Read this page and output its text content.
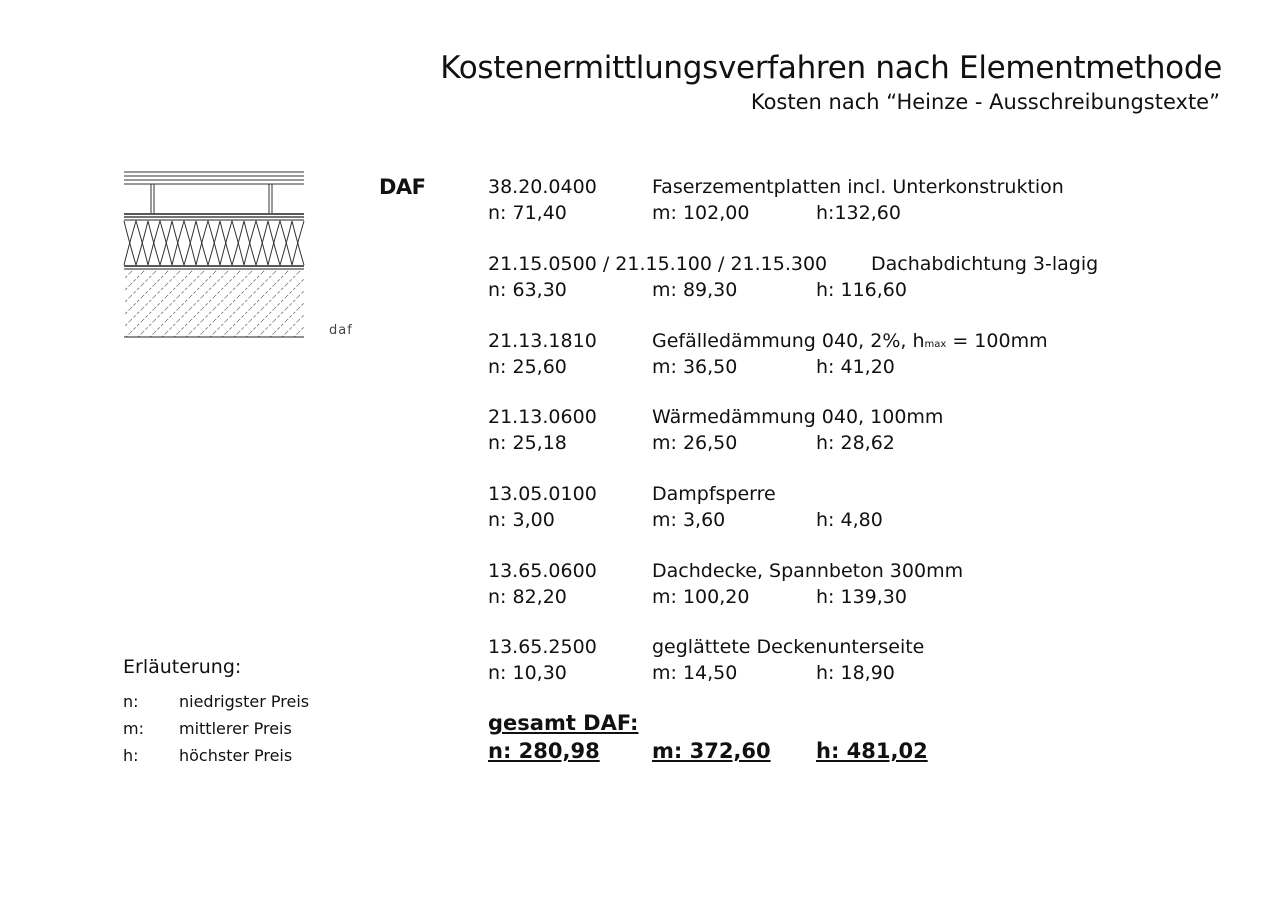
Kostenermittlungsverfahren nach Elementmethode
Kosten nach “Heinze - Ausschreibungstexte”
daf
DAF	38.20.0400	Faserzementplatten incl. Unterkonstruktion
n: 71,40	m: 102,00	h:132,60
21.15.0500 / 21.15.100 / 21.15.300 Dachabdichtung 3-lagig
n: 63,30	m: 89,30	h: 116,60
21.13.1810	Gefälledämmung 040, 2%, hmax = 100mm
n: 25,60	m: 36,50	h: 41,20
21.13.0600	Wärmedämmung 040, 100mm
n: 25,18	m: 26,50	h: 28,62
13.05.0100	Dampfsperre
n: 3,00	m: 3,60	h: 4,80
13.65.0600	Dachdecke, Spannbeton 300mm
n: 82,20	m: 100,20	h: 139,30
13.65.2500	geglättete Deckenunterseite
n: 10,30	m: 14,50	h: 18,90
gesamt DAF:
n: 280,98 m: 372,60 h: 481,02
Erläuterung:
n:	niedrigster Preis
m: mittlerer Preis
h:	höchster Preis
